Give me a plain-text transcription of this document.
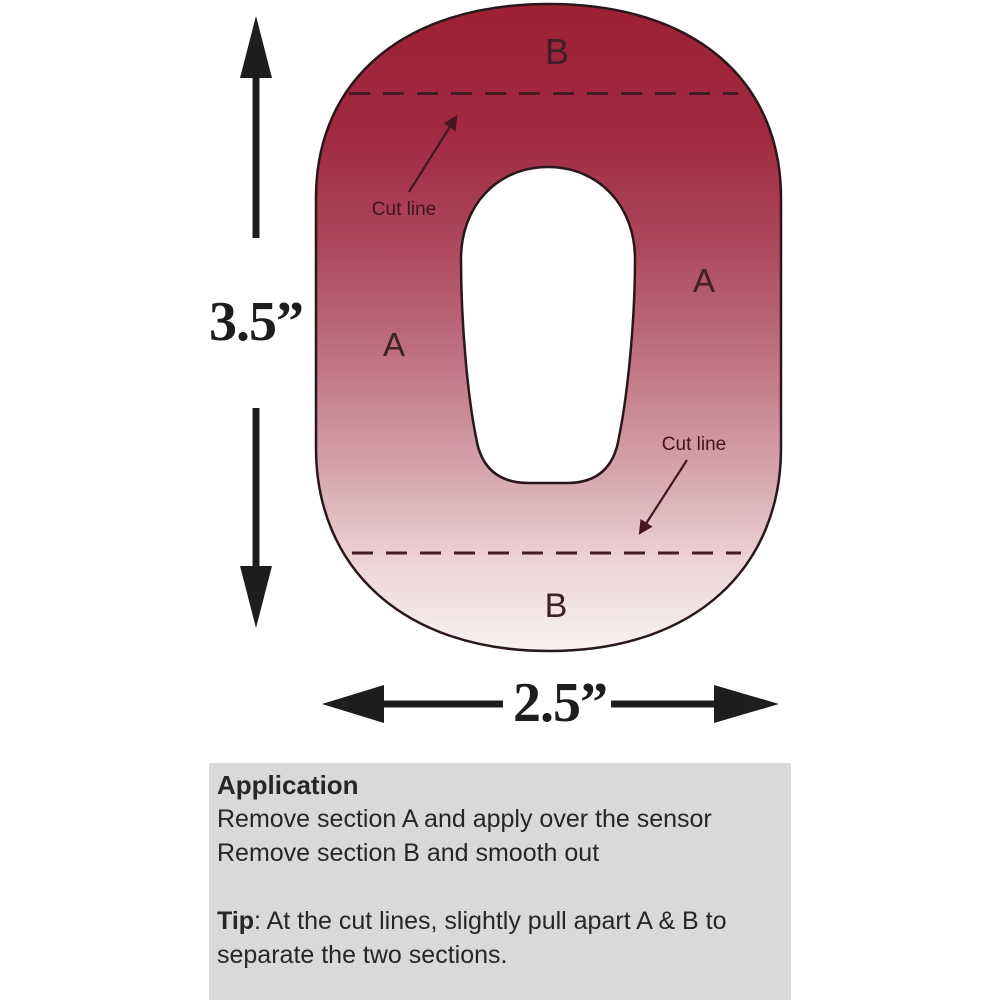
B
A
A
B
Cut line
Cut line
3.5”
2.5”
Application
Remove section A and apply over the sensor
Remove section B and smooth out
Tip: At the cut lines, slightly pull apart A & B to
separate the two sections.
